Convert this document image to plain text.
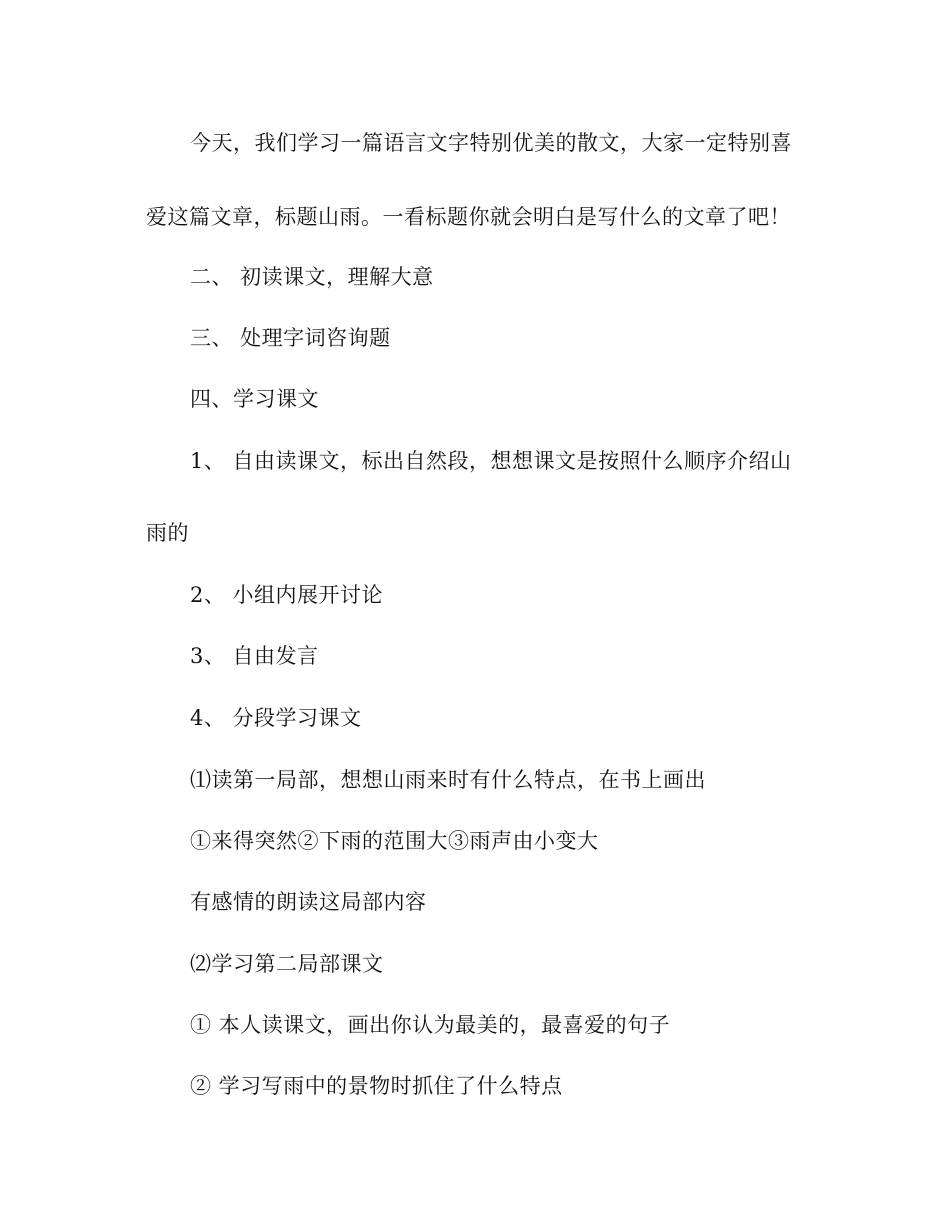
今天，我们学习一篇语言文字特别优美的散文，大家一定特别喜
爱这篇文章，标题山雨。一看标题你就会明白是写什么的文章了吧！
二、 初读课文，理解大意
三、 处理字词咨询题
四、学习课文
1、 自由读课文，标出自然段，想想课文是按照什么顺序介绍山
雨的
2、 小组内展开讨论
3、 自由发言
4、 分段学习课文
⑴读第一局部，想想山雨来时有什么特点，在书上画出
①来得突然②下雨的范围大③雨声由小变大
有感情的朗读这局部内容
⑵学习第二局部课文
① 本人读课文，画出你认为最美的，最喜爱的句子
② 学习写雨中的景物时抓住了什么特点
